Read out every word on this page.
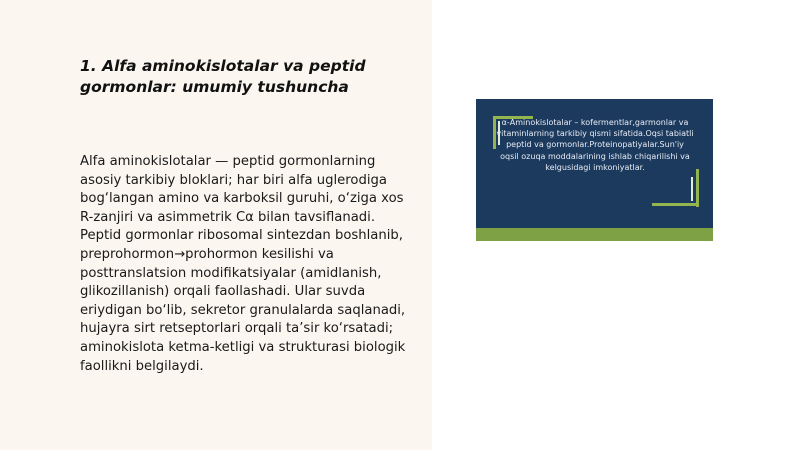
1. Alfa aminokislotalar va peptid gormonlar: umumiy tushuncha

Alfa aminokislotalar — peptid gormonlarning asosiy tarkibiy bloklari; har biri alfa uglerodiga bog‘langan amino va karboksil guruhi, o‘ziga xos R-zanjiri va asimmetrik Cα bilan tavsiflanadi. Peptid gormonlar ribosomal sintezdan boshlanib, preprohormon→prohormon kesilishi va posttranslatsion modifikatsiyalar (amidlanish, glikozillanish) orqali faollashadi. Ular suvda eriydigan bo‘lib, sekretor granulalarda saqlanadi, hujayra sirt retseptorlari orqali ta’sir ko‘rsatadi; aminokislota ketma-ketligi va strukturasi biologik faollikni belgilaydi.

α-Aminokislotalar – kofermentlar,garmonlar va vitaminlarning tarkibiy qismi sifatida.Oqsi tabiatli peptid va gormonlar.Proteinopatiyalar.Sun'iy oqsil ozuqa moddalarining ishlab chiqarilishi va kelgusidagi imkoniyatlar.
